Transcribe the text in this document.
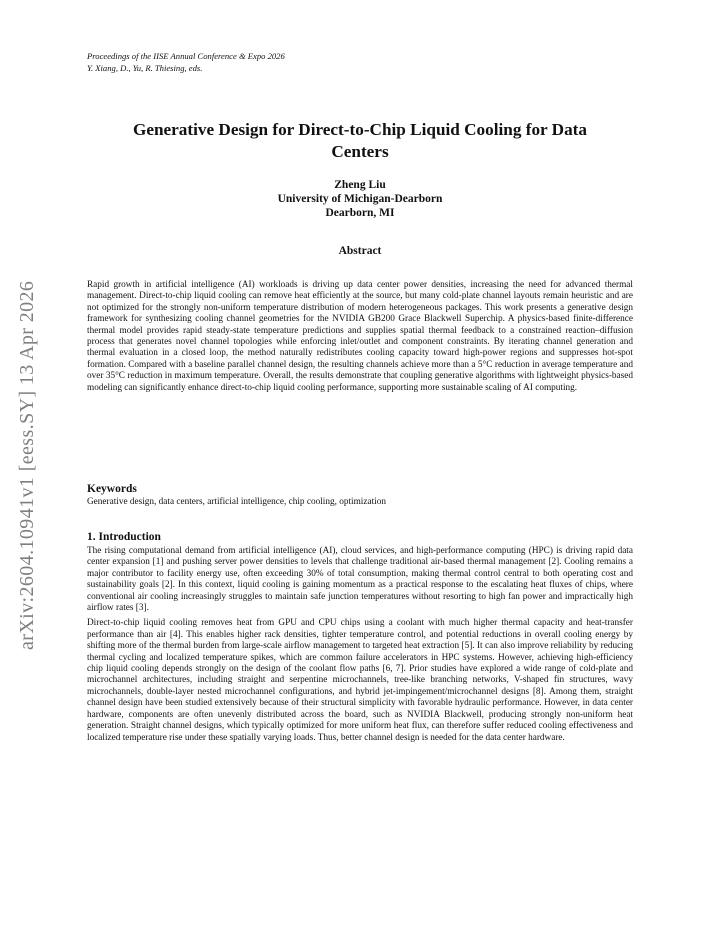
Proceedings of the IISE Annual Conference & Expo 2026
Y. Xiang, D., Yu, R. Thiesing, eds.
Generative Design for Direct-to-Chip Liquid Cooling for Data
Centers
Zheng Liu
University of Michigan-Dearborn
Dearborn, MI
Abstract

Rapid growth in artificial intelligence (AI) workloads is driving up data center power densities, increasing the need for advanced thermal management. Direct-to-chip liquid cooling can remove heat efficiently at the source, but many cold-plate channel layouts remain heuristic and are not optimized for the strongly non-uniform temperature distribution of modern heterogeneous packages. This work presents a generative design framework for synthesizing cooling channel geometries for the NVIDIA GB200 Grace Blackwell Superchip. A physics-based finite-difference thermal model provides rapid steady-state temperature predictions and supplies spatial thermal feedback to a constrained reaction–diffusion process that generates novel channel topologies while enforcing inlet/outlet and component constraints. By iterating channel generation and thermal evaluation in a closed loop, the method naturally redistributes cooling capacity toward high-power regions and suppresses hot-spot formation. Compared with a baseline parallel channel design, the resulting channels achieve more than a 5°C reduction in average temperature and over 35°C reduction in maximum temperature. Overall, the results demonstrate that coupling generative algorithms with lightweight physics-based modeling can significantly enhance direct-to-chip liquid cooling performance, supporting more sustainable scaling of AI computing.

Keywords

Generative design, data centers, artificial intelligence, chip cooling, optimization

1. Introduction

The rising computational demand from artificial intelligence (AI), cloud services, and high-performance computing (HPC) is driving rapid data center expansion [1] and pushing server power densities to levels that challenge traditional air-based thermal management [2]. Cooling remains a major contributor to facility energy use, often exceeding 30% of total consumption, making thermal control central to both operating cost and sustainability goals [2]. In this context, liquid cooling is gaining momentum as a practical response to the escalating heat fluxes of chips, where conventional air cooling increasingly struggles to maintain safe junction temperatures without resorting to high fan power and impractically high airflow rates [3].

Direct-to-chip liquid cooling removes heat from GPU and CPU chips using a coolant with much higher thermal capacity and heat-transfer performance than air [4]. This enables higher rack densities, tighter temperature control, and potential reductions in overall cooling energy by shifting more of the thermal burden from large-scale airflow management to targeted heat extraction [5]. It can also improve reliability by reducing thermal cycling and localized temperature spikes, which are common failure accelerators in HPC systems. However, achieving high-efficiency chip liquid cooling depends strongly on the design of the coolant flow paths [6, 7]. Prior studies have explored a wide range of cold-plate and microchannel architectures, including straight and serpentine microchannels, tree-like branching networks, V-shaped fin structures, wavy microchannels, double-layer nested microchannel configurations, and hybrid jet-impingement/microchannel designs [8]. Among them, straight channel design have been studied extensively because of their structural simplicity with favorable hydraulic performance. However, in data center hardware, components are often unevenly distributed across the board, such as NVIDIA Blackwell, producing strongly non-uniform heat generation. Straight channel designs, which typically optimized for more uniform heat flux, can therefore suffer reduced cooling effectiveness and localized temperature rise under these spatially varying loads. Thus, better channel design is needed for the data center hardware.

arXiv:2604.10941v1 [eess.SY] 13 Apr 2026
